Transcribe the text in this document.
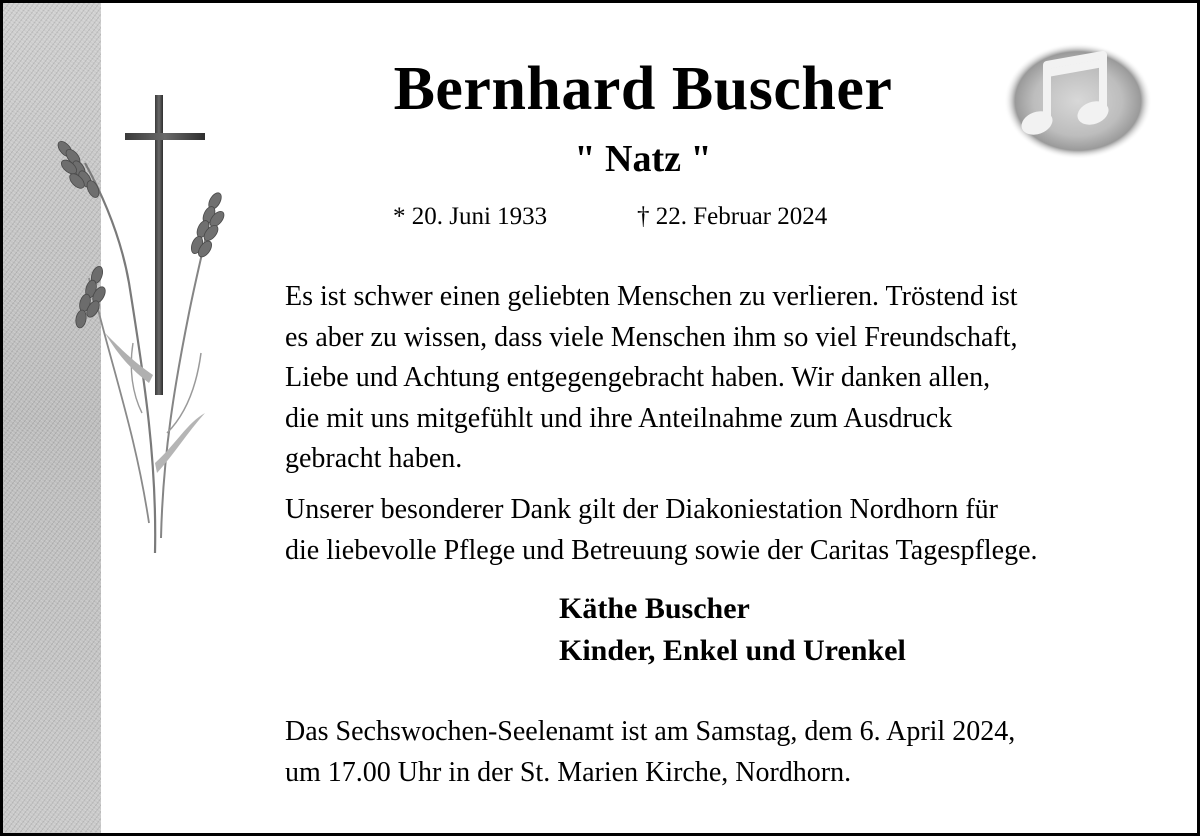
Bernhard Buscher
" Natz "
* 20. Juni 1933	† 22. Februar 2024

Es ist schwer einen geliebten Menschen zu verlieren. Tröstend ist
es aber zu wissen, dass viele Menschen ihm so viel Freundschaft,
Liebe und Achtung entgegengebracht haben. Wir danken allen,
die mit uns mitgefühlt und ihre Anteilnahme zum Ausdruck
gebracht haben.

Unserer besonderer Dank gilt der Diakoniestation Nordhorn für
die liebevolle Pflege und Betreuung sowie der Caritas Tagespflege.

Käthe Buscher
Kinder, Enkel und Urenkel

Das Sechswochen-Seelenamt ist am Samstag, dem 6. April 2024,
um 17.00 Uhr in der St. Marien Kirche, Nordhorn.
